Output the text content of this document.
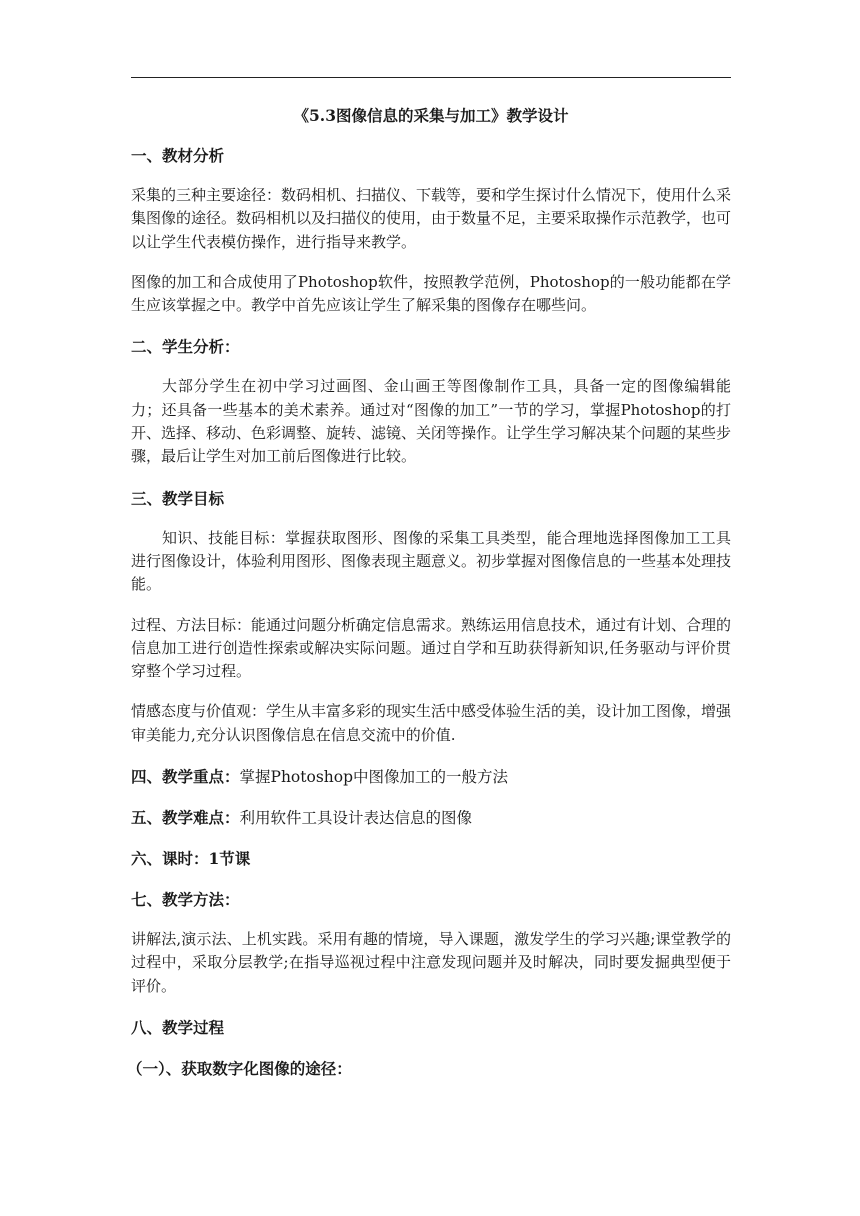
《5.3图像信息的采集与加工》教学设计
一、教材分析
采集的三种主要途径：数码相机、扫描仪、下载等，要和学生探讨什么情况下，使用什么采集图像的途径。数码相机以及扫描仪的使用，由于数量不足，主要采取操作示范教学，也可以让学生代表模仿操作，进行指导来教学。
图像的加工和合成使用了Photoshop软件，按照教学范例，Photoshop的一般功能都在学生应该掌握之中。教学中首先应该让学生了解采集的图像存在哪些问。
二、学生分析：
大部分学生在初中学习过画图、金山画王等图像制作工具，具备一定的图像编辑能力；还具备一些基本的美术素养。通过对“图像的加工”一节的学习，掌握Photoshop的打开、选择、移动、色彩调整、旋转、滤镜、关闭等操作。让学生学习解决某个问题的某些步骤，最后让学生对加工前后图像进行比较。
三、教学目标
知识、技能目标：掌握获取图形、图像的采集工具类型，能合理地选择图像加工工具进行图像设计，体验利用图形、图像表现主题意义。初步掌握对图像信息的一些基本处理技能。
过程、方法目标：能通过问题分析确定信息需求。熟练运用信息技术，通过有计划、合理的信息加工进行创造性探索或解决实际问题。通过自学和互助获得新知识,任务驱动与评价贯穿整个学习过程。
情感态度与价值观：学生从丰富多彩的现实生活中感受体验生活的美，设计加工图像，增强审美能力,充分认识图像信息在信息交流中的价值.
四、教学重点：掌握Photoshop中图像加工的一般方法
五、教学难点：利用软件工具设计表达信息的图像
六、课时：1节课
七、教学方法：
讲解法,演示法、上机实践。采用有趣的情境，导入课题，激发学生的学习兴趣;课堂教学的过程中，采取分层教学;在指导巡视过程中注意发现问题并及时解决，同时要发掘典型便于评价。
八、教学过程
（一）、获取数字化图像的途径：
